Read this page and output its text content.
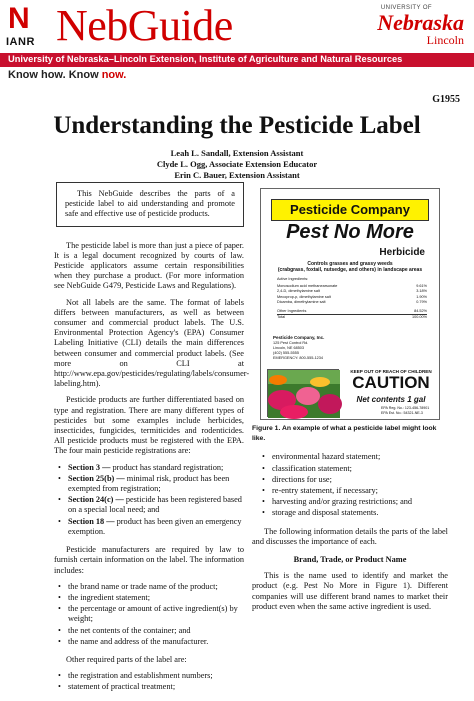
N
IANR NebGuide	UNIVERSITY OF
Nebraska
Lincoln
University of Nebraska–Lincoln Extension, Institute of Agriculture and Natural Resources
Know how. Know now.
G1955
Understanding the Pesticide Label
Leah L. Sandall, Extension Assistant
Clyde L. Ogg, Associate Extension Educator
Erin C. Bauer, Extension Assistant

This NebGuide describes the parts of a pesticide label to aid understanding and promote safe and effective use of pesticide products.

The pesticide label is more than just a piece of paper. It is a legal document recognized by courts of law. Pesticide applicators assume certain responsibilities when they purchase a product. (For more information see NebGuide G479, Pesticide Laws and Regulations).

Not all labels are the same. The format of labels differs between manufacturers, as well as between consumer and commercial product labels. The U.S. Environmental Protection Agency's (EPA) Consumer Labeling Initiative (CLI) details the main differences between consumer and commercial product labels. (See more on CLI at http://www.epa.gov/pesticides/regulating/labels/consumer-labeling.htm).

Pesticide products are further differentiated based on type and registration. There are many different types of pesticides but some examples include herbicides, insecticides, fungicides, termiticides and rodenticides. All pesticide products must be registered with the EPA. The four main pesticide registrations are:

• Section 3 — product has standard registration;
• Section 25(b) — minimal risk, product has been exempted from registration;
• Section 24(c) — pesticide has been registered based on a special local need; and
• Section 18 — product has been given an emergency exemption.

Pesticide manufacturers are required by law to furnish certain information on the label. The information includes:

• the brand name or trade name of the product;
• the ingredient statement;
• the percentage or amount of active ingredient(s) by weight;
• the net contents of the container; and
• the name and address of the manufacturer.

Other required parts of the label are:

• the registration and establishment numbers;
• statement of practical treatment;
Pesticide Company
Pest No More
Herbicide
Controls grasses and grassy weeds
(crabgrass, foxtail, nutsedge, and others) in landscape areas
Active Ingredients:
Monosodium acid methanearsonate	9.61%
2,4-D, dimethylamine salt	3.18%
Mecoprop-p, dimethylamine salt	1.90%
Dicamba, dimethylamine salt	0.79%
Other Ingredients	84.52%
Total	100.00%
Pesticide Company, Inc.
125 Pest Control Rd.
Lincoln, NE 68503
(402) 555-5555
EMERGENCY: 800-555-1234
KEEP OUT OF REACH OF CHILDREN
CAUTION
Net contents 1 gal
EPA Reg. No.: 123-456-78901
EPA Est. No.: 54321-NE-3
Figure 1. An example of what a pesticide label might look like.
• environmental hazard statement;
• classification statement;
• directions for use;
• re-entry statement, if necessary;
• harvesting and/or grazing restrictions; and
• storage and disposal statements.

The following information details the parts of the label and discusses the importance of each.

Brand, Trade, or Product Name

This is the name used to identify and market the product (e.g. Pest No More in Figure 1). Different companies will use different brand names to market their product even when the same active ingredient is used.
